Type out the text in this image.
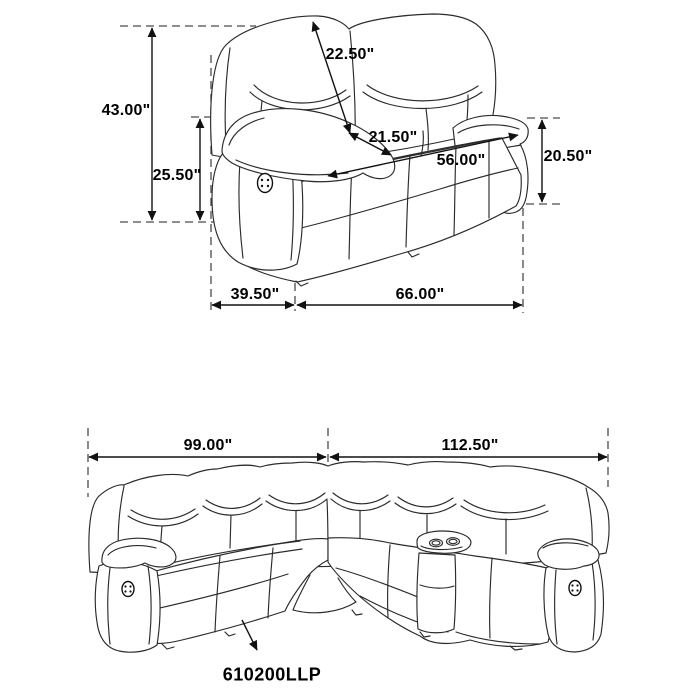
43.00"
25.50"
22.50"
21.50"
56.00"	20.50"
39.50"	66.00"
99.00"	112.50"
610200LLP
